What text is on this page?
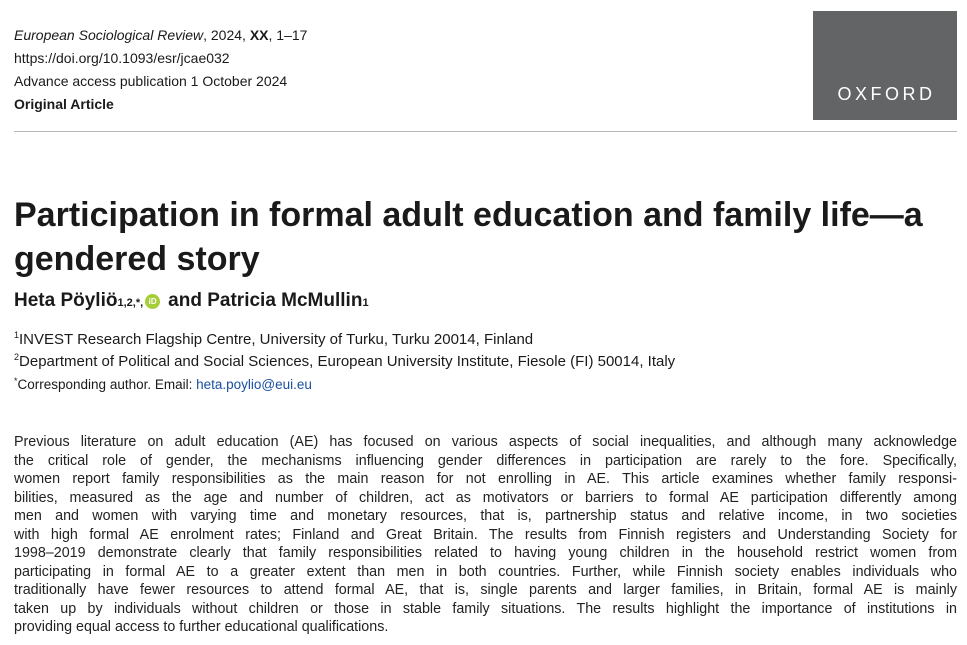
European Sociological Review, 2024, XX, 1–17
https://doi.org/10.1093/esr/jcae032
Advance access publication 1 October 2024
Original Article	OXFORD
Participation in formal adult education and family life—a gendered story
Heta Pöyliö 1,2,*, iD and
Patricia McMullin 1
$^1$INVEST Research Flagship Centre, University of Turku, Turku 20014, Finland
$^2$Department of Political and Social Sciences, European University Institute, Fiesole (FI) 50014, Italy
*Corresponding author. Email: heta.poylio@eui.eu
Previous literature on adult education (AE) has focused on various aspects of social inequalities, and although many acknowledge
the critical role of gender, the mechanisms influencing gender differences in participation are rarely to the fore. Specifically,
women report family responsibilities as the main reason for not enrolling in AE. This article examines whether family responsi-
bilities, measured as the age and number of children, act as motivators or barriers to formal AE participation differently among
men and women with varying time and monetary resources, that is, partnership status and relative income, in two societies
with high formal AE enrolment rates; Finland and Great Britain. The results from Finnish registers and Understanding Society for
1998–2019 demonstrate clearly that family responsibilities related to having young children in the household restrict women from
participating in formal AE to a greater extent than men in both countries. Further, while Finnish society enables individuals who
traditionally have fewer resources to attend formal AE, that is, single parents and larger families, in Britain, formal AE is mainly
taken up by individuals without children or those in stable family situations. The results highlight the importance of institutions in
providing equal access to further educational qualifications.
